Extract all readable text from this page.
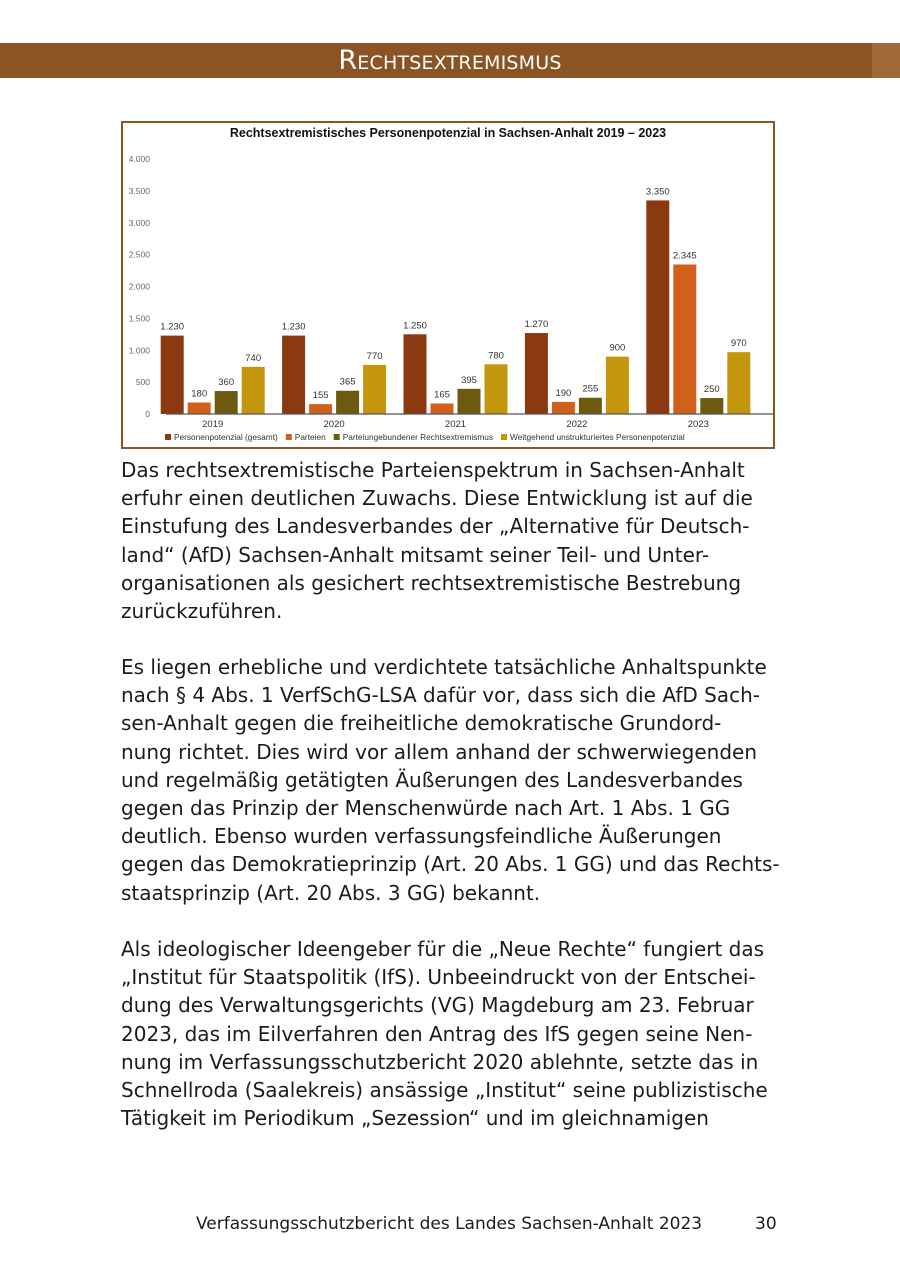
Rechtsextremismus
Rechtsextremistisches Personenpotenzial in Sachsen-Anhalt 2019 – 2023
1.230
180
360
740
1.230
155
365
770
1.250
165
395
780
1.270
190 255
900
3.350
2.345
250
970
0
500
1.000
1.500
2.000
2.500
3.000
3.500
4.000
2019	2020	2021	2022	2023
Personenpotenzial (gesamt) Parteien Parteiungebundener Rechtsextremismus Weitgehend unstrukturiertes Personenpotenzial
Das rechtsextremistische Parteienspektrum in Sachsen-Anhalt
erfuhr einen deutlichen Zuwachs. Diese Entwicklung ist auf die
Einstufung des Landesverbandes der „Alternative für Deutsch-
land“ (AfD) Sachsen-Anhalt mitsamt seiner Teil- und Unter-
organisationen als gesichert rechtsextremistische Bestrebung
zurückzuführen.
Es liegen erhebliche und verdichtete tatsächliche Anhaltspunkte
nach § 4 Abs. 1 VerfSchG-LSA dafür vor, dass sich die AfD Sach-
sen-Anhalt gegen die freiheitliche demokratische Grundord-
nung richtet. Dies wird vor allem anhand der schwerwiegenden
und regelmäßig getätigten Äußerungen des Landesverbandes
gegen das Prinzip der Menschenwürde nach Art. 1 Abs. 1 GG
deutlich. Ebenso wurden verfassungsfeindliche Äußerungen
gegen das Demokratieprinzip (Art. 20 Abs. 1 GG) und das Rechts-
staatsprinzip (Art. 20 Abs. 3 GG) bekannt.
Als ideologischer Ideengeber für die „Neue Rechte“ fungiert das
„Institut für Staatspolitik (IfS). Unbeeindruckt von der Entschei-
dung des Verwaltungsgerichts (VG) Magdeburg am 23. Februar
2023, das im Eilverfahren den Antrag des IfS gegen seine Nen-
nung im Verfassungsschutzbericht 2020 ablehnte, setzte das in
Schnellroda (Saalekreis) ansässige „Institut“ seine publizistische
Tätigkeit im Periodikum „Sezession“ und im gleichnamigen
Verfassungsschutzbericht des Landes Sachsen-Anhalt 2023	30
